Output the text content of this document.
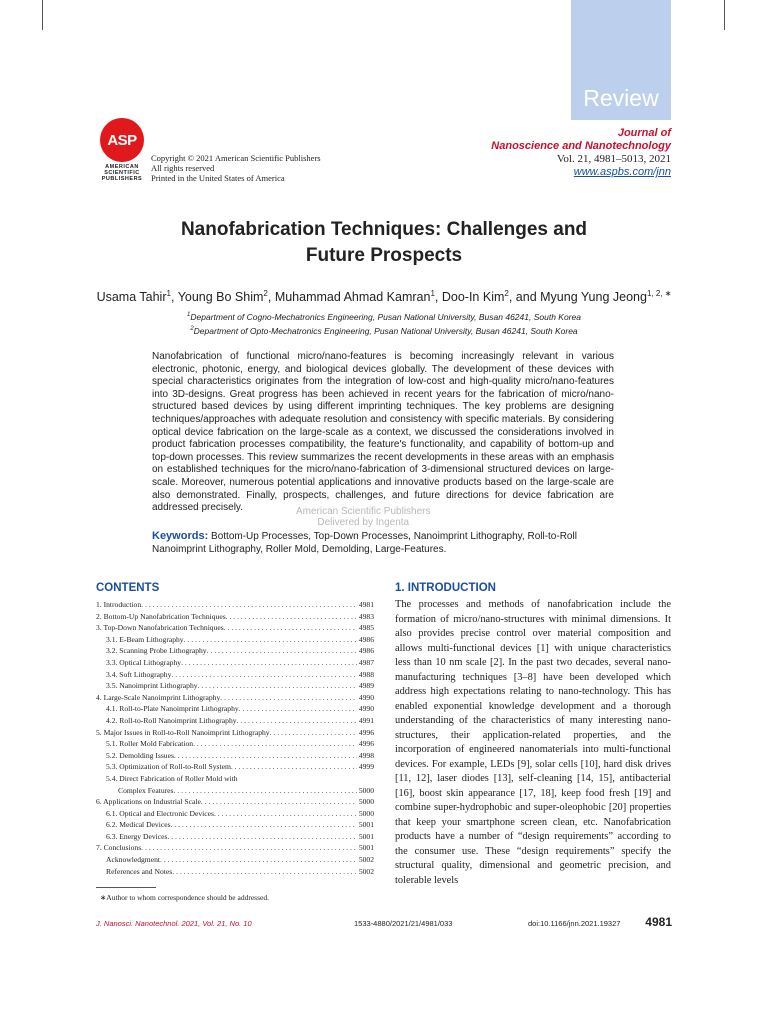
Review
ASP
AMERICAN
SCIENTIFIC
PUBLISHERS
Copyright © 2021 American Scientific Publishers
All rights reserved
Printed in the United States of America
Journal of
Nanoscience and Nanotechnology
Vol. 21, 4981–5013, 2021
www.aspbs.com/jnn
Nanofabrication Techniques: Challenges and
Future Prospects
Usama Tahir$^1$, Young Bo Shim$^2$, Muhammad Ahmad Kamran$^1$, Doo-In Kim$^2$, and Myung Yung Jeong$^{1, 2, ∗}$
$^1$Department of Cogno-Mechatronics Engineering, Pusan National University, Busan 46241, South Korea
$^2$Department of Opto-Mechatronics Engineering, Pusan National University, Busan 46241, South Korea
Nanofabrication of functional micro/nano-features is becoming increasingly relevant in various electronic, photonic, energy, and biological devices globally. The development of these devices with special characteristics originates from the integration of low-cost and high-quality micro/nano-features into 3D-designs. Great progress has been achieved in recent years for the fabrication of micro/nano-structured based devices by using different imprinting techniques. The key problems are designing techniques/approaches with adequate resolution and consistency with specific materials. By considering optical device fabrication on the large-scale as a context, we discussed the considerations involved in product fabrication processes compatibility, the feature's functionality, and capability of bottom-up and top-down processes. This review summarizes the recent developments in these areas with an emphasis on established techniques for the micro/nano-fabrication of 3-dimensional structured devices on large-scale. Moreover, numerous potential applications and innovative products based on the large-scale are also demonstrated. Finally, prospects, challenges, and future directions for device fabrication are addressed precisely.	American Scientific Publishers
Delivered by Ingenta
Keywords: Bottom-Up Processes, Top-Down Processes, Nanoimprint Lithography, Roll-to-Roll Nanoimprint Lithography, Roller Mold, Demolding, Large-Features.
CONTENTS
1. Introduction . . .	4981
2. Bottom-Up Nanofabrication Techniques . . .	4983
3. Top-Down Nanofabrication Techniques . . .	4985
3.1. E-Beam Lithography . . .	4986
3.2. Scanning Probe Lithography . . .	4986
3.3. Optical Lithography . . .	4987
3.4. Soft Lithography . . .	4988
3.5. Nanoimprint Lithography . . .	4989
4. Large-Scale Nanoimprint Lithography . . .	4990
4.1. Roll-to-Plate Nanoimprint Lithography . . .	4990
4.2. Roll-to-Roll Nanoimprint Lithography . . .	4991
5. Major Issues in Roll-to-Roll Nanoimprint Lithography . . .	4996
5.1. Roller Mold Fabrication . . .	4996
5.2. Demolding Issues . . .	4998
5.3. Optimization of Roll-to-Roll System . . .	4999
5.4. Direct Fabrication of Roller Mold with
Complex Features . . .	5000
6. Applications on Industrial Scale . . .	5000
6.1. Optical and Electronic Devices . . .	5000
6.2. Medical Devices . . .	5001
6.3. Energy Devices . . .	5001
7. Conclusions . . .	5001
Acknowledgment . . .	5002
References and Notes . . .	5002
∗Author to whom correspondence should be addressed.
1. INTRODUCTION
The processes and methods of nanofabrication include the formation of micro/nano-structures with minimal dimensions. It also provides precise control over material composition and allows multi-functional devices [1] with unique characteristics less than 10 nm scale [2]. In the past two decades, several nano-manufacturing techniques [3–8] have been developed which address high expectations relating to nano-technology. This has enabled exponential knowledge development and a thorough understanding of the characteristics of many interesting nano-structures, their application-related properties, and the incorporation of engineered nanomaterials into multi-functional devices. For example, LEDs [9], solar cells [10], hard disk drives [11, 12], laser diodes [13], self-cleaning [14, 15], antibacterial [16], boost skin appearance [17, 18], keep food fresh [19] and combine super-hydrophobic and super-oleophobic [20] properties that keep your smartphone screen clean, etc. Nanofabrication products have a number of “design requirements” according to the consumer use. These “design requirements” specify the structural quality, dimensional and geometric precision, and tolerable levels
J. Nanosci. Nanotechnol. 2021, Vol. 21, No. 10	1533-4880/2021/21/4981/033	doi:10.1166/jnn.2021.19327 4981
